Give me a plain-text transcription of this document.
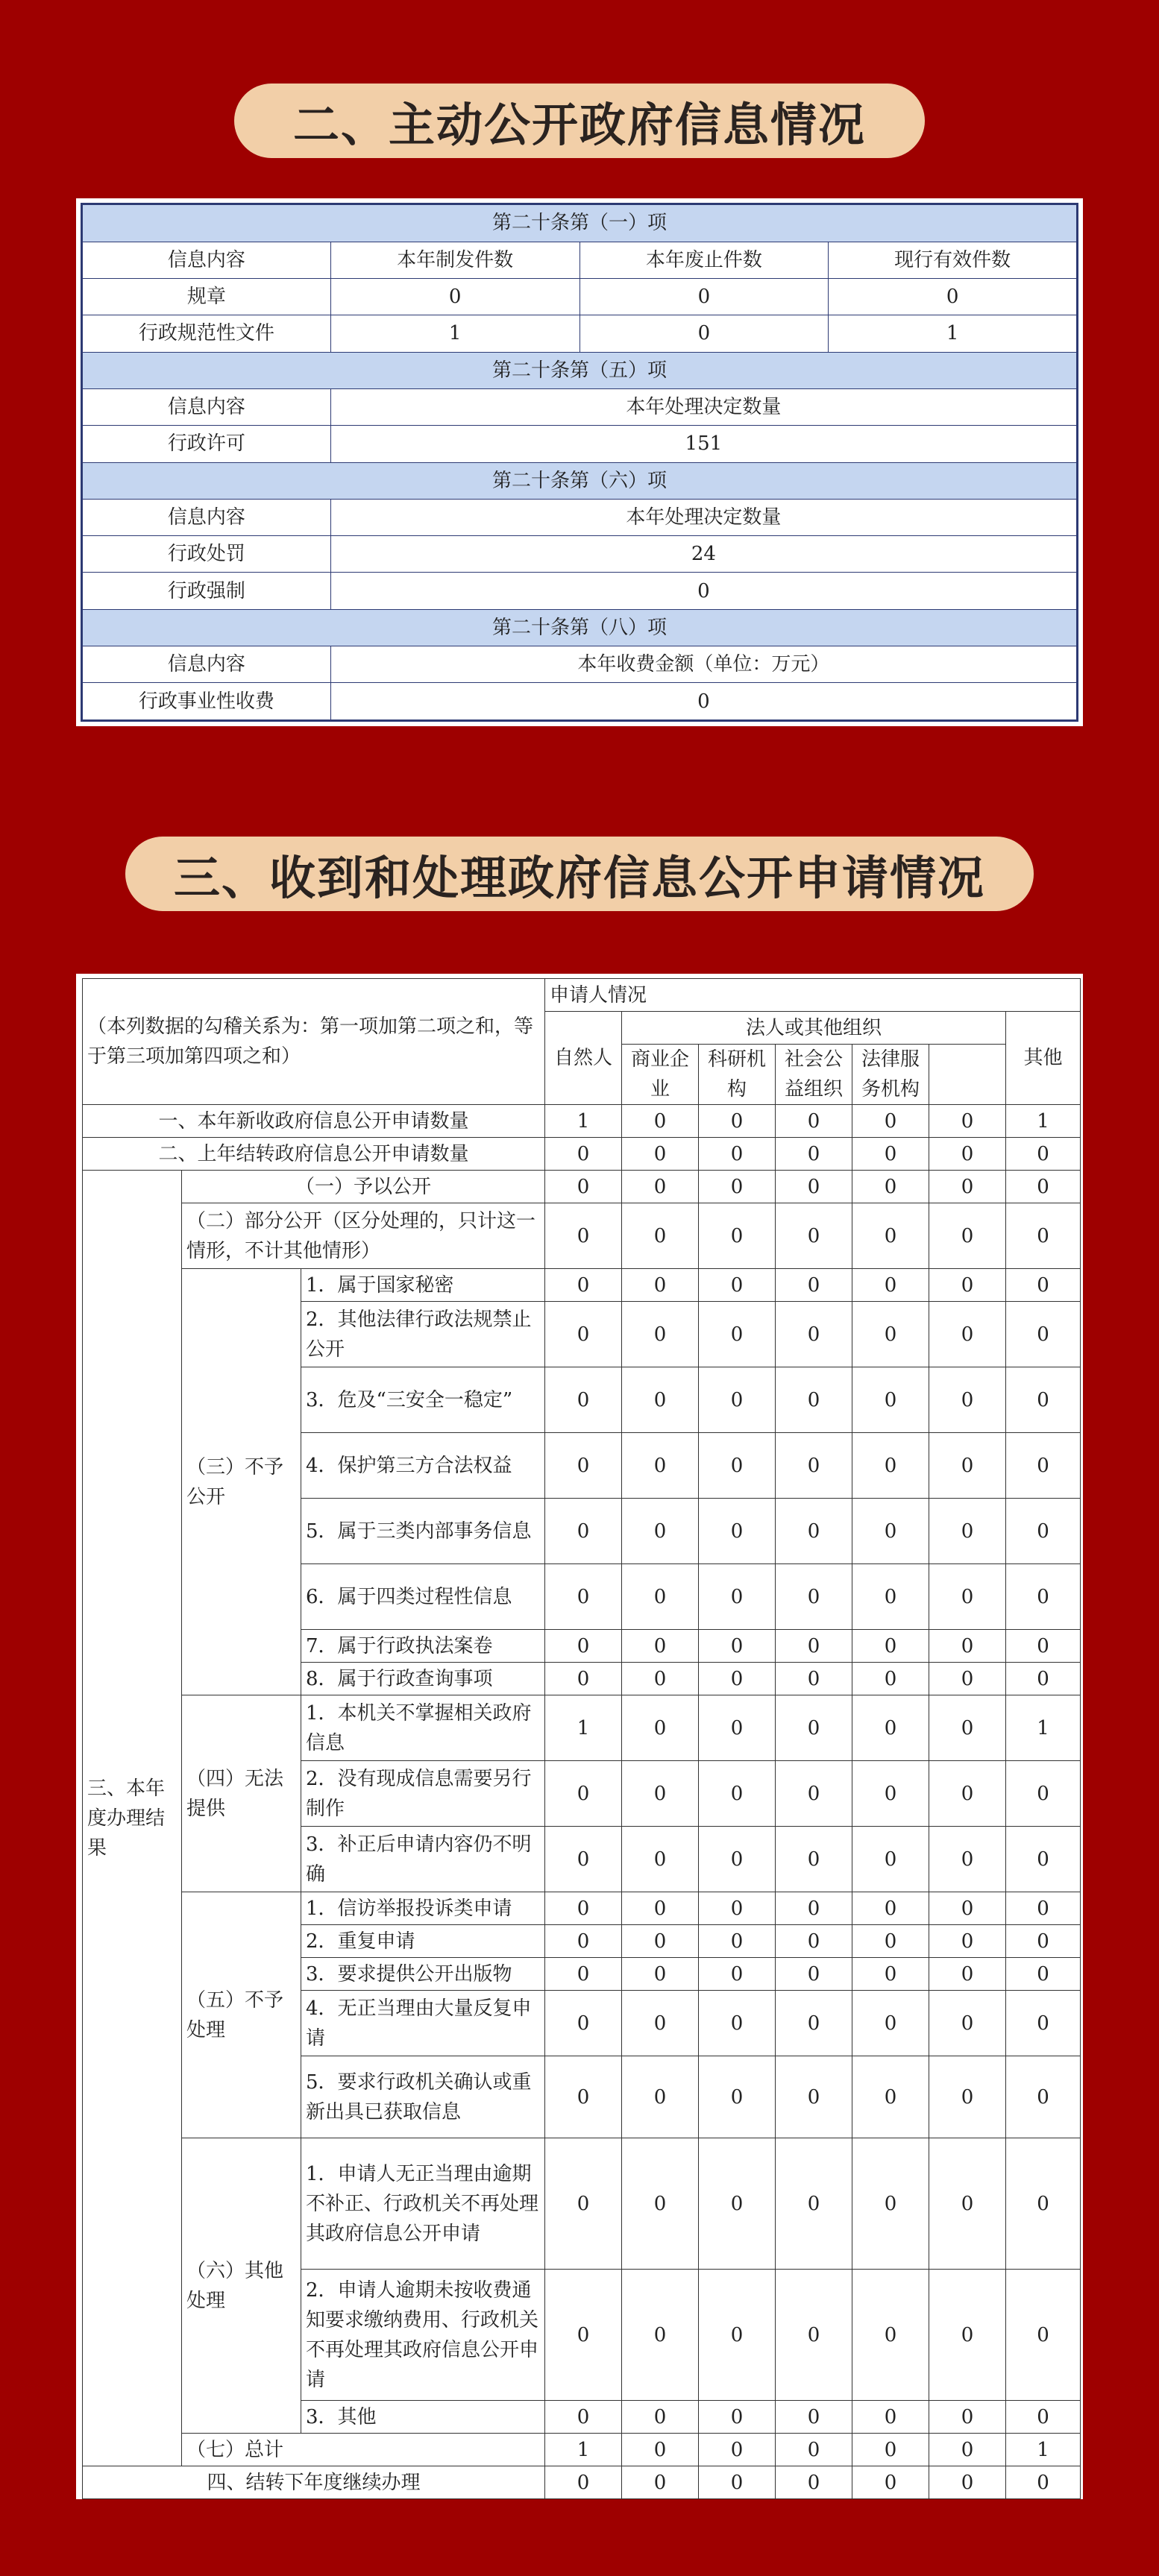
二、主动公开政府信息情况
第二十条第（一）项			
信息内容	本年制发件数	本年废止件数	现行有效件数
规章	0	0	0
行政规范性文件	1	0	1
第二十条第（五）项			
信息内容	本年处理决定数量		
行政许可	151		
第二十条第（六）项			
信息内容	本年处理决定数量		
行政处罚	24		
行政强制	0		
第二十条第（八）项			
信息内容	本年收费金额（单位：万元）		
行政事业性收费	0		
三、收到和处理政府信息公开申请情况
（本列数据的勾稽关系为：第一项加第二项之和，等于第三项加第四项之和）			申请人情况							
			自然人	法人或其他组织					其他	
				商业企业	科研机构	社会公益组织	法律服务机构			
一、本年新收政府信息公开申请数量			1	0	0	0	0	0	1	
二、上年结转政府信息公开申请数量			0	0	0	0	0	0	0	
三、本年度办理结果	（一）予以公开		0	0	0	0	0	0	0	
	（二）部分公开（区分处理的，只计这一情形，不计其他情形）		0	0	0	0	0	0	0	
	（三）不予公开	1．属于国家秘密	0	0	0	0	0	0	0	
		2．其他法律行政法规禁止公开	0	0	0	0	0	0	0	
		3．危及“三安全一稳定”	0	0	0	0	0	0	0	
		4．保护第三方合法权益	0	0	0	0	0	0	0	
		5．属于三类内部事务信息	0	0	0	0	0	0	0	
		6．属于四类过程性信息	0	0	0	0	0	0	0	
		7．属于行政执法案卷	0	0	0	0	0	0	0	
		8．属于行政查询事项	0	0	0	0	0	0	0	
	（四）无法提供	1．本机关不掌握相关政府信息	1	0	0	0	0	0	1	
		2．没有现成信息需要另行制作	0	0	0	0	0	0	0	
		3．补正后申请内容仍不明确	0	0	0	0	0	0	0	
	（五）不予处理	1．信访举报投诉类申请	0	0	0	0	0	0	0	
		2．重复申请	0	0	0	0	0	0	0	
		3．要求提供公开出版物	0	0	0	0	0	0	0	
		4．无正当理由大量反复申请	0	0	0	0	0	0	0	
		5．要求行政机关确认或重新出具已获取信息	0	0	0	0	0	0	0	
	（六）其他处理	1．申请人无正当理由逾期不补正、行政机关不再处理其政府信息公开申请	0	0	0	0	0	0	0	
		2．申请人逾期未按收费通知要求缴纳费用、行政机关不再处理其政府信息公开申请	0	0	0	0	0	0	0	
		3．其他	0	0	0	0	0	0	0	
	（七）总计		1	0	0	0	0	0	1	
四、结转下年度继续办理			0	0	0	0	0	0	0	
